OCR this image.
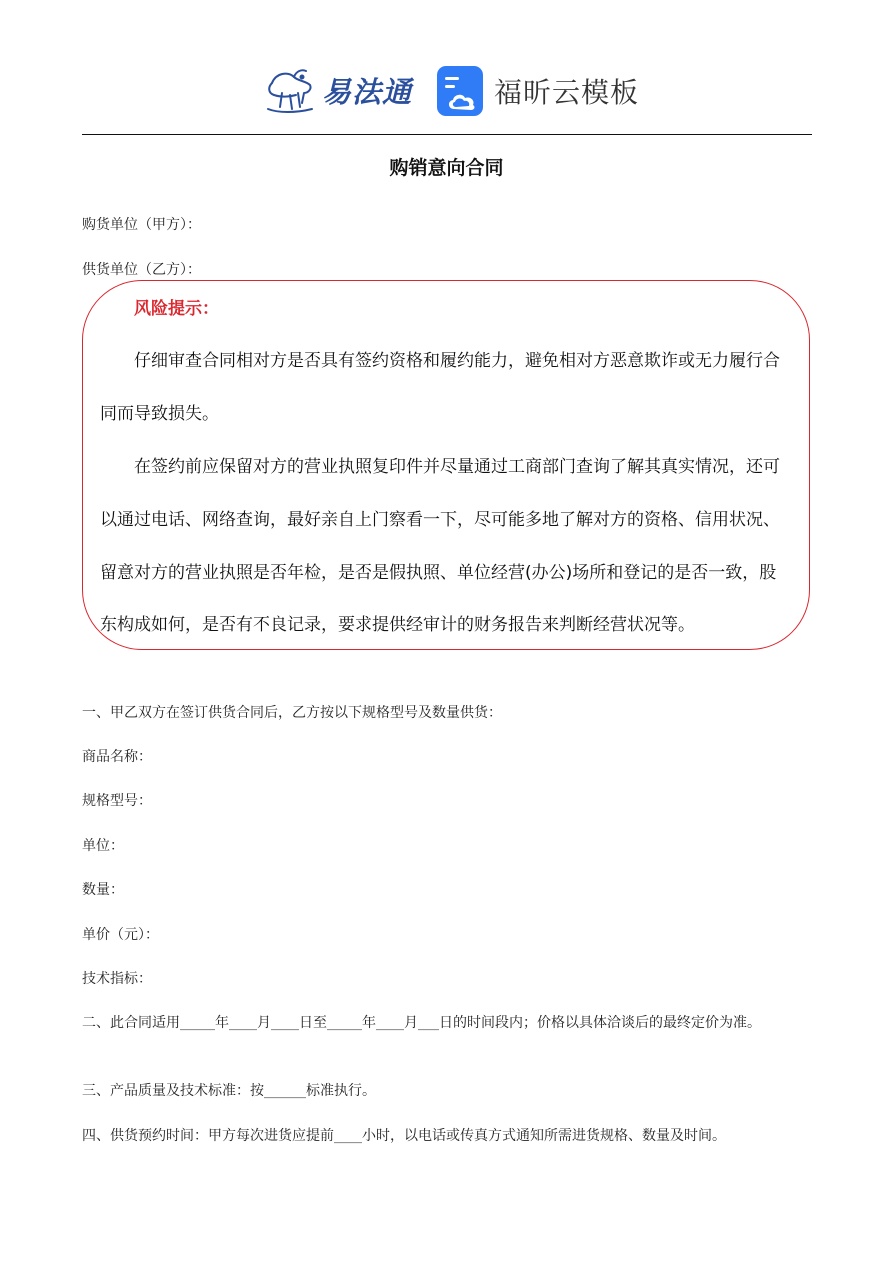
易法通	福昕云模板
购销意向合同
购货单位（甲方）：
供货单位（乙方）：
风险提示：
仔细审查合同相对方是否具有签约资格和履约能力，避免相对方恶意欺诈或无力履行合
同而导致损失。
在签约前应保留对方的营业执照复印件并尽量通过工商部门查询了解其真实情况，还可
以通过电话、网络查询，最好亲自上门察看一下，尽可能多地了解对方的资格、信用状况、
留意对方的营业执照是否年检，是否是假执照、单位经营(办公)场所和登记的是否一致，股
东构成如何，是否有不良记录，要求提供经审计的财务报告来判断经营状况等。
一、甲乙双方在签订供货合同后，乙方按以下规格型号及数量供货：
商品名称：
规格型号：
单位：
数量：
单价（元）：
技术指标：
二、此合同适用_____年____月____日至_____年____月___日的时间段内；价格以具体洽谈后的最终定价为准。
三、产品质量及技术标准：按______标准执行。
四、供货预约时间：甲方每次进货应提前____小时，以电话或传真方式通知所需进货规格、数量及时间。
